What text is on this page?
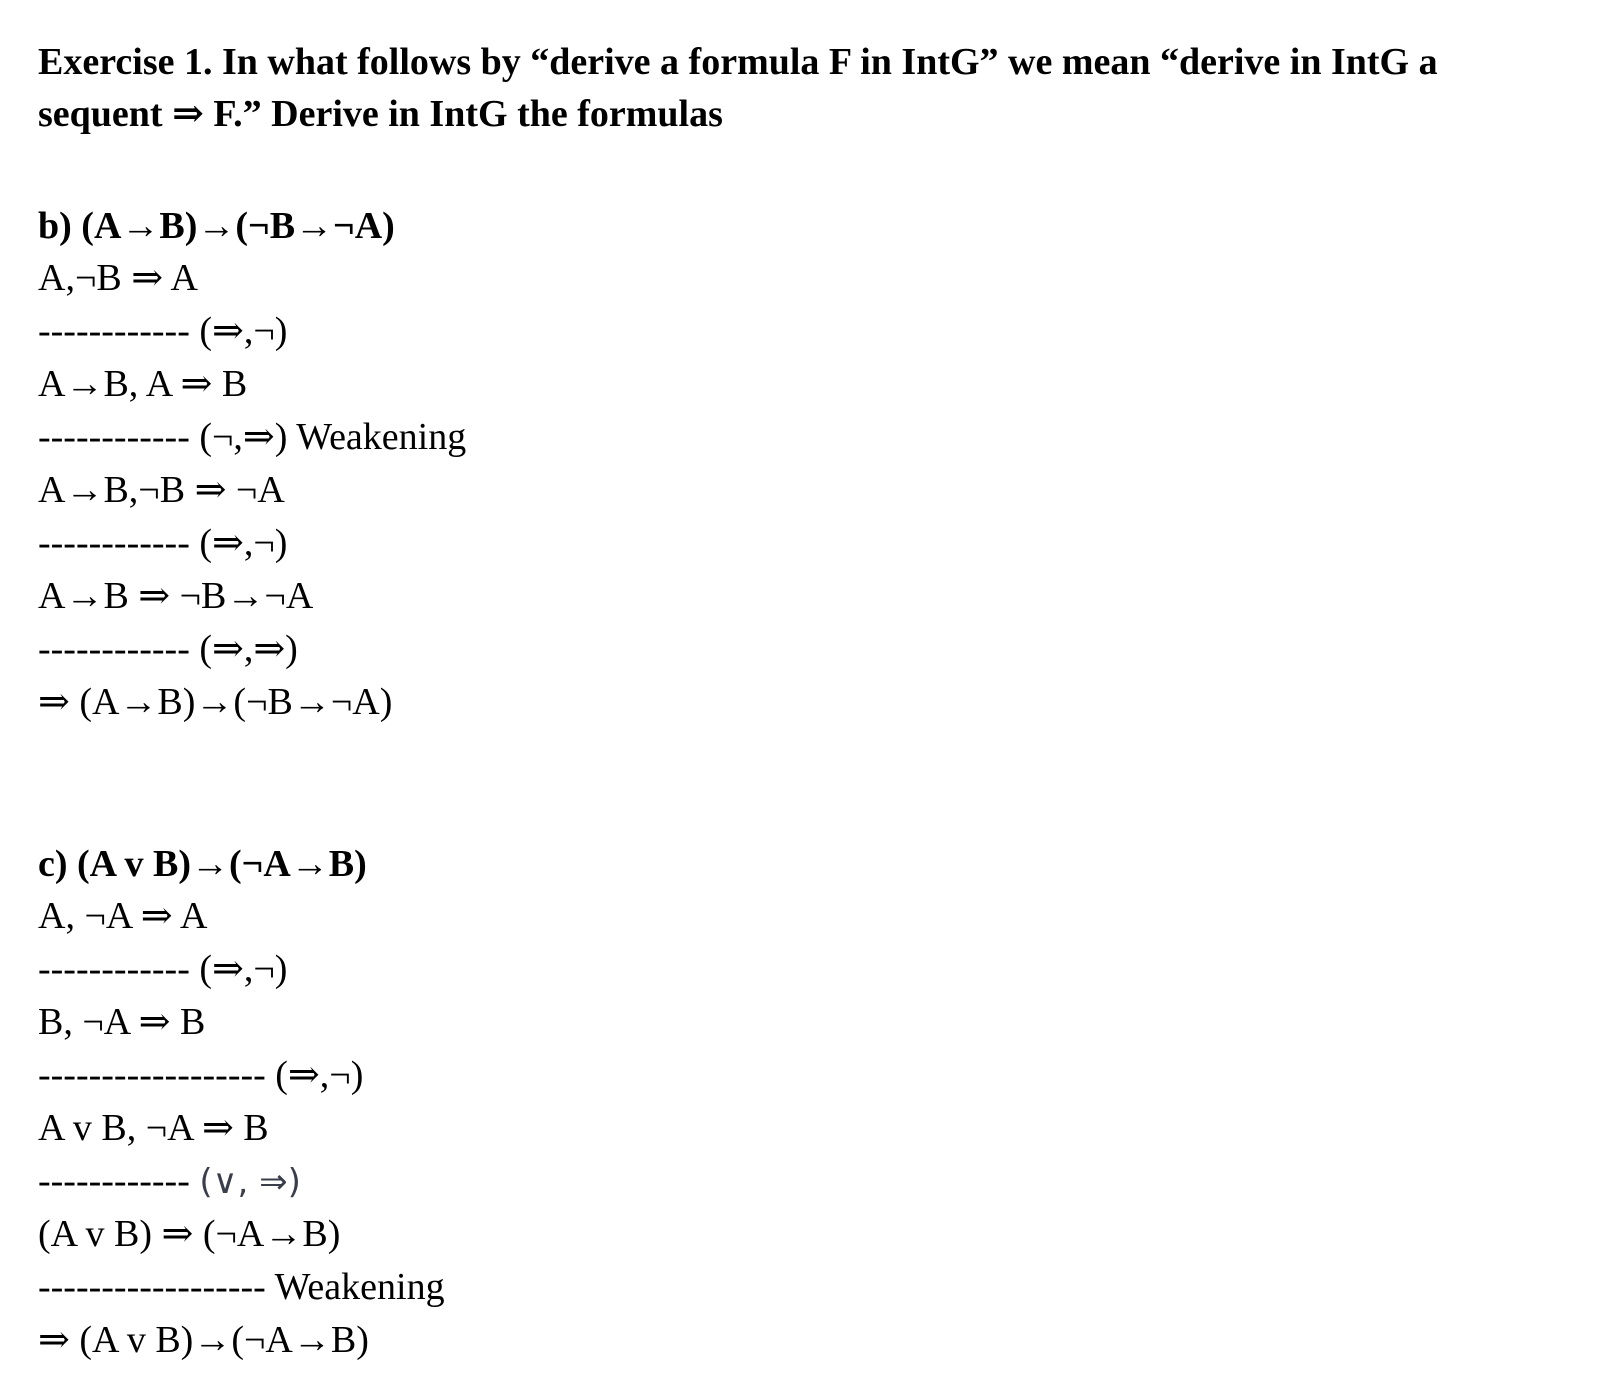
Exercise 1. In what follows by “derive a formula F in IntG” we mean “derive in IntG a
sequent ⇒ F.” Derive in IntG the formulas

b) (A→B)→(¬B→¬A)
A,¬B ⇒ A
------------ (⇒,¬)
A→B, A ⇒ B
------------ (¬,⇒) Weakening
A→B,¬B ⇒ ¬A
------------ (⇒,¬)
A→B ⇒ ¬B→¬A
------------ (⇒,⇒)
⇒ (A→B)→(¬B→¬A)
c) (A v B)→(¬A→B)
A, ¬A ⇒ A
------------ (⇒,¬)
B, ¬A ⇒ B
------------------ (⇒,¬)
A v B, ¬A ⇒ B
------------ (∨, ⇒)
(A v B) ⇒ (¬A→B)
------------------ Weakening
⇒ (A v B)→(¬A→B)
